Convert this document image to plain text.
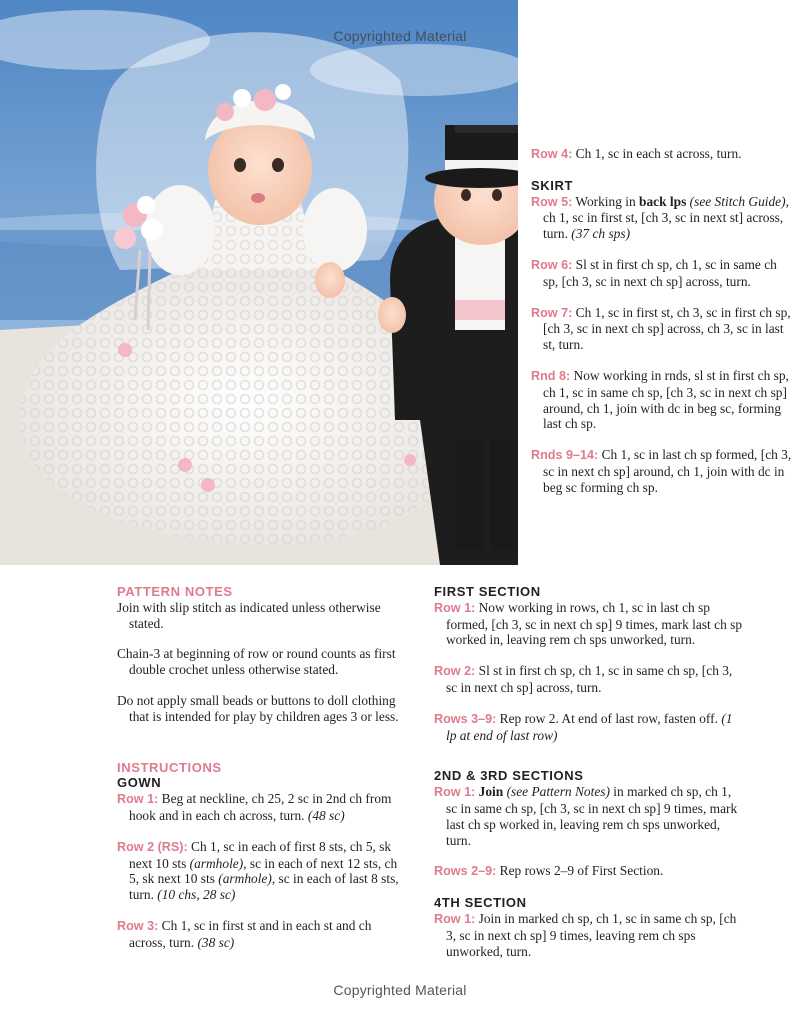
Copyrighted Material

Row 4: Ch 1, sc in each st across, turn.

SKIRT

Row 5: Working in back lps (see Stitch Guide), ch 1, sc in first st, [ch 3, sc in next st] across, turn. (37 ch sps)

Row 6: Sl st in first ch sp, ch 1, sc in same ch sp, [ch 3, sc in next ch sp] across, turn.

Row 7: Ch 1, sc in first st, ch 3, sc in first ch sp, [ch 3, sc in next ch sp] across, ch 3, sc in last st, turn.

Rnd 8: Now working in rnds, sl st in first ch sp, ch 1, sc in same ch sp, [ch 3, sc in next ch sp] around, ch 1, join with dc in beg sc, forming last ch sp.

Rnds 9–14: Ch 1, sc in last ch sp formed, [ch 3, sc in next ch sp] around, ch 1, join with dc in beg sc forming ch sp.

PATTERN NOTES

Join with slip stitch as indicated unless otherwise stated.

Chain-3 at beginning of row or round counts as first double crochet unless otherwise stated.

Do not apply small beads or buttons to doll clothing that is intended for play by children ages 3 or less.

INSTRUCTIONS
GOWN

Row 1: Beg at neckline, ch 25, 2 sc in 2nd ch from hook and in each ch across, turn. (48 sc)

Row 2 (RS): Ch 1, sc in each of first 8 sts, ch 5, sk next 10 sts (armhole), sc in each of next 12 sts, ch 5, sk next 10 sts (armhole), sc in each of last 8 sts, turn. (10 chs, 28 sc)

Row 3: Ch 1, sc in first st and in each st and ch across, turn. (38 sc)

FIRST SECTION

Row 1: Now working in rows, ch 1, sc in last ch sp formed, [ch 3, sc in next ch sp] 9 times, mark last ch sp worked in, leaving rem ch sps unworked, turn.

Row 2: Sl st in first ch sp, ch 1, sc in same ch sp, [ch 3, sc in next ch sp] across, turn.

Rows 3–9: Rep row 2. At end of last row, fasten off. (1 lp at end of last row)

2ND & 3RD SECTIONS

Row 1: Join (see Pattern Notes) in marked ch sp, ch 1, sc in same ch sp, [ch 3, sc in next ch sp] 9 times, mark last ch sp worked in, leaving rem ch sps unworked, turn.

Rows 2–9: Rep rows 2–9 of First Section.

4TH SECTION

Row 1: Join in marked ch sp, ch 1, sc in same ch sp, [ch 3, sc in next ch sp] 9 times, leaving rem ch sps unworked, turn.

Copyrighted Material
